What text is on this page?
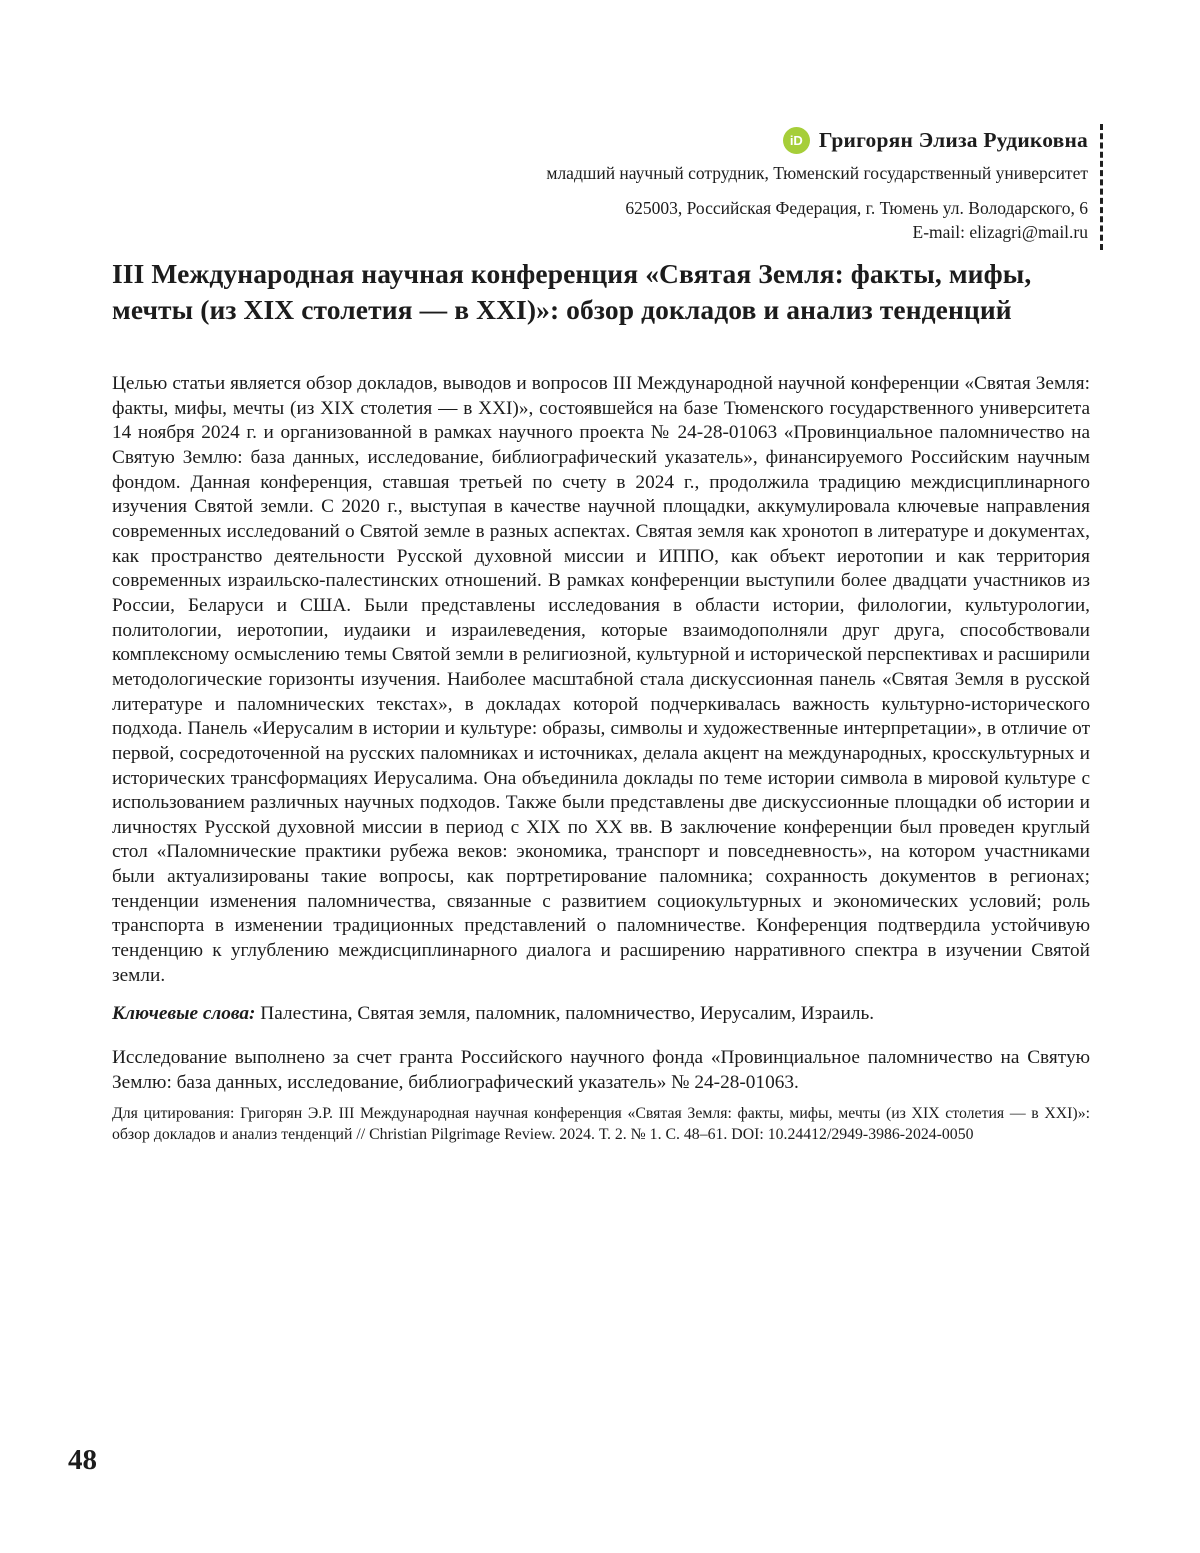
iD Григорян Элиза Рудиковна
младший научный сотрудник, Тюменский государственный университет
625003, Российская Федерация, г. Тюмень ул. Володарского, 6
E-mail: elizagri@mail.ru
III Международная научная конференция «Святая Земля: факты, мифы, мечты (из XIX столетия — в XXI)»: обзор докладов и анализ тенденций

Целью статьи является обзор докладов, выводов и вопросов III Международной научной конференции «Святая Земля: факты, мифы, мечты (из XIX столетия — в XXI)», состоявшейся на базе Тюменского государственного университета 14 ноября 2024 г. и организованной в рамках научного проекта № 24-28-01063 «Провинциальное паломничество на Святую Землю: база данных, исследование, библиографический указатель», финансируемого Российским научным фондом. Данная конференция, ставшая третьей по счету в 2024 г., продолжила традицию междисциплинарного изучения Святой земли. С 2020 г., выступая в качестве научной площадки, аккумулировала ключевые направления современных исследований о Святой земле в разных аспектах. Святая земля как хронотоп в литературе и документах, как пространство деятельности Русской духовной миссии и ИППО, как объект иеротопии и как территория современных израильско-палестинских отношений. В рамках конференции выступили более двадцати участников из России, Беларуси и США. Были представлены исследования в области истории, филологии, культурологии, политологии, иеротопии, иудаики и израилеведения, которые взаимодополняли друг друга, способствовали комплексному осмыслению темы Святой земли в религиозной, культурной и исторической перспективах и расширили методологические горизонты изучения. Наиболее масштабной стала дискуссионная панель «Святая Земля в русской литературе и паломнических текстах», в докладах которой подчеркивалась важность культурно-исторического подхода. Панель «Иерусалим в истории и культуре: образы, символы и художественные интерпретации», в отличие от первой, сосредоточенной на русских паломниках и источниках, делала акцент на международных, кросскультурных и исторических трансформациях Иерусалима. Она объединила доклады по теме истории символа в мировой культуре с использованием различных научных подходов. Также были представлены две дискуссионные площадки об истории и личностях Русской духовной миссии в период с XIX по XX вв. В заключение конференции был проведен круглый стол «Паломнические практики рубежа веков: экономика, транспорт и повседневность», на котором участниками были актуализированы такие вопросы, как портретирование паломника; сохранность документов в регионах; тенденции изменения паломничества, связанные с развитием социокультурных и экономических условий; роль транспорта в изменении традиционных представлений о паломничестве. Конференция подтвердила устойчивую тенденцию к углублению междисциплинарного диалога и расширению нарративного спектра в изучении Святой земли.

Ключевые слова: Палестина, Святая земля, паломник, паломничество, Иерусалим, Израиль.

Исследование выполнено за счет гранта Российского научного фонда «Провинциальное паломничество на Святую Землю: база данных, исследование, библиографический указатель» № 24-28-01063.

Для цитирования: Григорян Э.Р. III Международная научная конференция «Святая Земля: факты, мифы, мечты (из XIX столетия — в XXI)»: обзор докладов и анализ тенденций // Christian Pilgrimage Review. 2024. Т. 2. № 1. С. 48–61. DOI: 10.24412/2949-3986-2024-0050

48
